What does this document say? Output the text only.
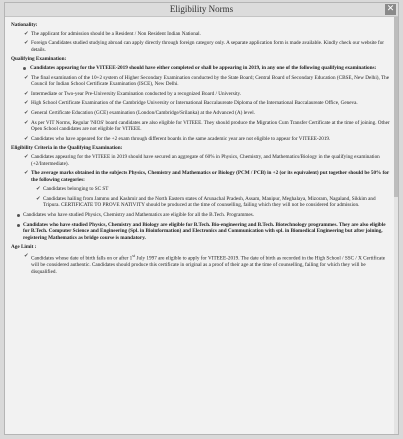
Eligibility Norms	✕
Nationality:
✔ The applicant for admission should be a Resident / Non Resident Indian National.
✔ Foreign Candidates studied studying abroad can apply directly through foreign category only. A separate application form is made available. Kindly check our website for details.
Qualifying Examination:
Candidates appearing for the VITEEE-2019 should have either completed or shall be appearing in 2019, in any one of the following qualifying examinations:
✔ The final examination of the 10+2 system of Higher Secondary Examination conducted by the State Board; Central Board of Secondary Education (CBSE, New Delhi), The Council for Indian School Certificate Examination (ISCE), New Delhi.
✔ Intermediate or Two-year Pre-University Examination conducted by a recognized Board / University.
✔ High School Certificate Examination of the Cambridge University or International Baccalaureate Diploma of the International Baccalaureate Office, Geneva.
✔ General Certificate Education (GCE) examination (London/Cambridge/Srilanka) at the Advanced (A) level.
✔ As per VIT Norms, Regular 'NIOS' board candidates are also eligible for VITEEE. They should produce the Migration Cum Transfer Certificate at the time of joining. Other Open School candidates are not eligible for VITEEE.
✔ Candidates who have appeared for the +2 exam through different boards in the same academic year are not eligible to appear for VITEEE-2019.
Eligibility Criteria in the Qualifying Examination:
✔ Candidates appearing for the VITEEE in 2019 should have secured an aggregate of 60% in Physics, Chemistry, and Mathematics/Biology in the qualifying examination (+2/Intermediate).
✔ The average marks obtained in the subjects Physics, Chemistry and Mathematics or Biology (PCM / PCB) in +2 (or its equivalent) put together should be 50% for the following categories:
✔ Candidates belonging to SC ST
✔ Candidates hailing from Jammu and Kashmir and the North Eastern states of Arunachal Pradesh, Assam, Manipur, Meghalaya, Mizoram, Nagaland, Sikkim and Tripura. CERTIFICATE TO PROVE NATIVITY should be produced at the time of counselling, failing which they will not be considered for admission.
Candidates who have studied Physics, Chemistry and Mathematics are eligible for all the B.Tech. Programmes.
Candidates who have studied Physics, Chemistry and Biology are eligible for B.Tech. Bio-engineering and B.Tech. Biotechnology programmes. They are also eligible for B.Tech. Computer Science and Engineering (Spl. in Bioinformation) and Electronics and Communication with spl. in Biomedical Engineering but after joining, registering Mathematics as bridge course is mandatory.
Age Limit :
✔ Candidates whose date of birth falls on or after 1st July 1997 are eligible to apply for VITEEE-2019. The date of birth as recorded in the High School / SSC / X Certificate will be considered authentic. Candidates should produce this certificate in original as a proof of their age at the time of counselling, failing for which they will be disqualified.
